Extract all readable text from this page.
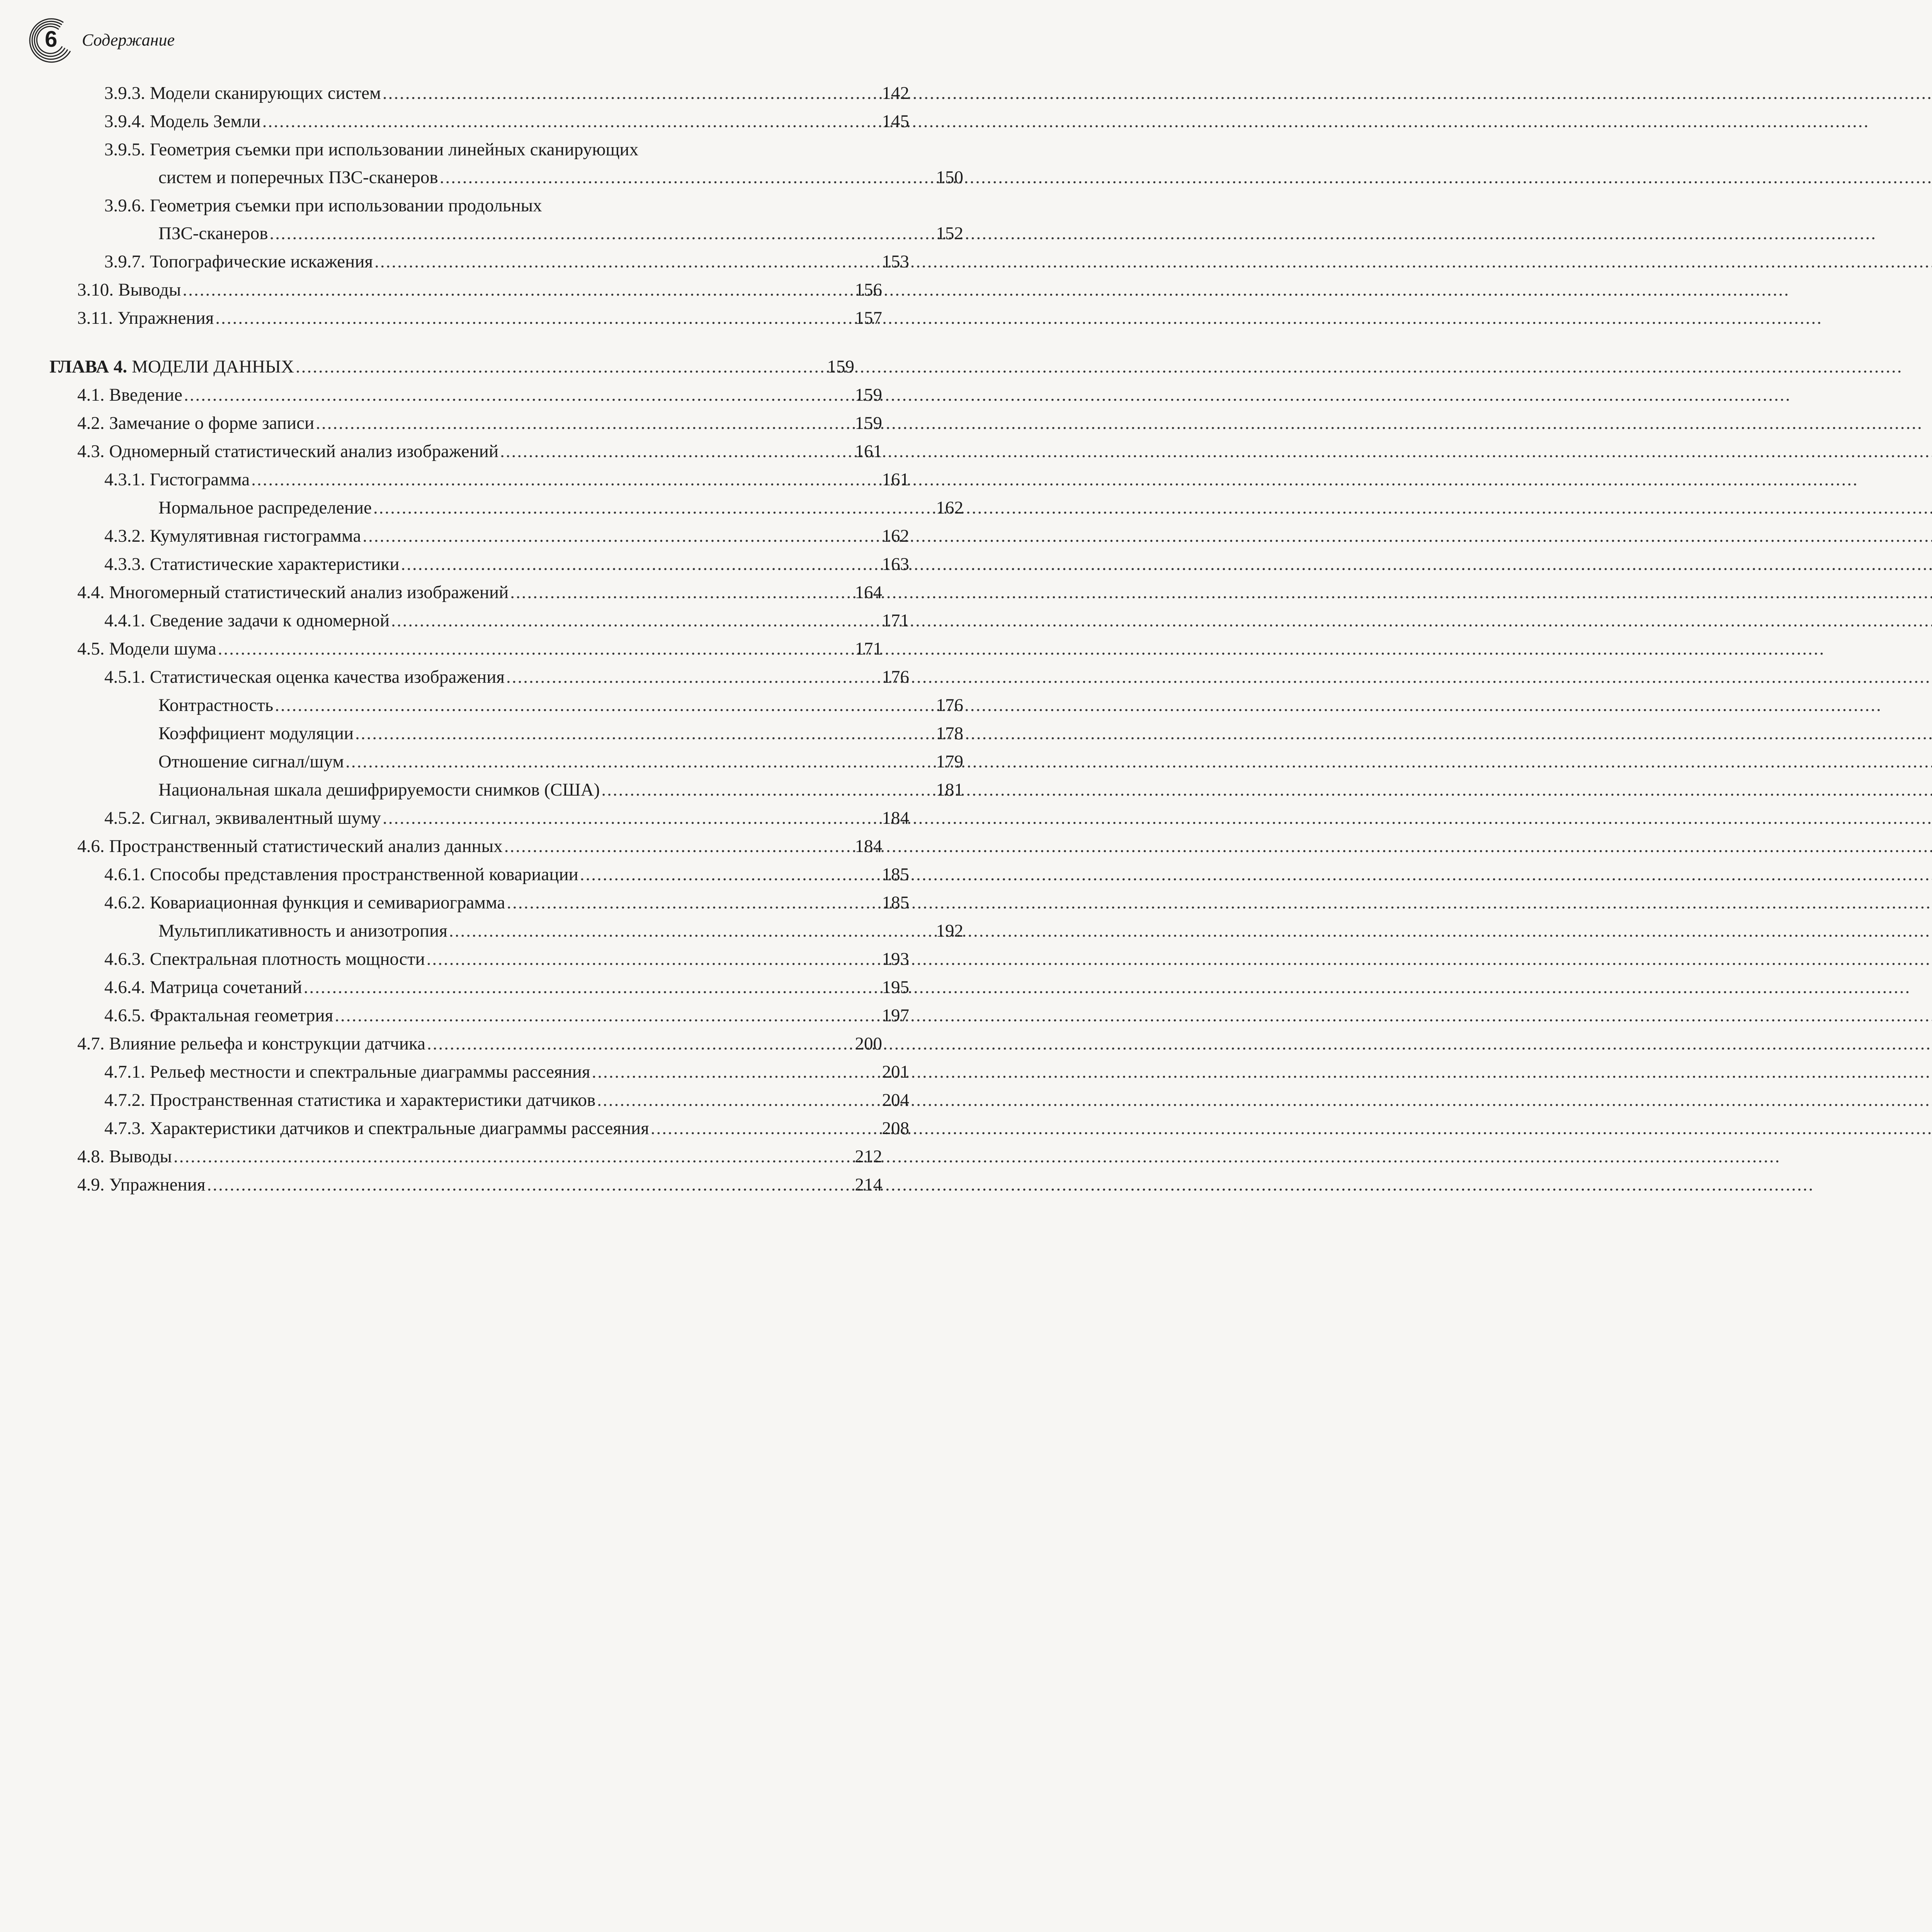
6 Содержание
3.9.3. Модели сканирующих систем .....	142
3.9.4. Модель Земли .....	145
3.9.5. Геометрия съемки при использовании линейных сканирующих
систем и поперечных ПЗС-сканеров .....	150
3.9.6. Геометрия съемки при использовании продольных
ПЗС-сканеров .....	152
3.9.7. Топографические искажения .....	153
3.10. Выводы .....	156
3.11. Упражнения .....	157
ГЛАВА 4. МОДЕЛИ ДАННЫХ .....	159
4.1. Введение .....	159
4.2. Замечание о форме записи .....	159
4.3. Одномерный статистический анализ изображений .....	161
4.3.1. Гистограмма .....	161
Нормальное распределение .....	162
4.3.2. Кумулятивная гистограмма .....	162
4.3.3. Статистические характеристики .....	163
4.4. Многомерный статистический анализ изображений .....	164
4.4.1. Сведение задачи к одномерной .....	171
4.5. Модели шума .....	171
4.5.1. Статистическая оценка качества изображения .....	176
Контрастность .....	176
Коэффициент модуляции .....	178
Отношение сигнал/шум .....	179
Национальная шкала дешифрируемости снимков (США) .....	181
4.5.2. Сигнал, эквивалентный шуму .....	184
4.6. Пространственный статистический анализ данных .....	184
4.6.1. Способы представления пространственной ковариации .....	185
4.6.2. Ковариационная функция и семивариограмма .....	185
Мультипликативность и анизотропия .....	192
4.6.3. Спектральная плотность мощности .....	193
4.6.4. Матрица сочетаний .....	195
4.6.5. Фрактальная геометрия .....	197
4.7. Влияние рельефа и конструкции датчика .....	200
4.7.1. Рельеф местности и спектральные диаграммы рассеяния .....	201
4.7.2. Пространственная статистика и характеристики датчиков .....	204
4.7.3. Характеристики датчиков и спектральные диаграммы рассеяния .....	208
4.8. Выводы .....	212
4.9. Упражнения .....	214
